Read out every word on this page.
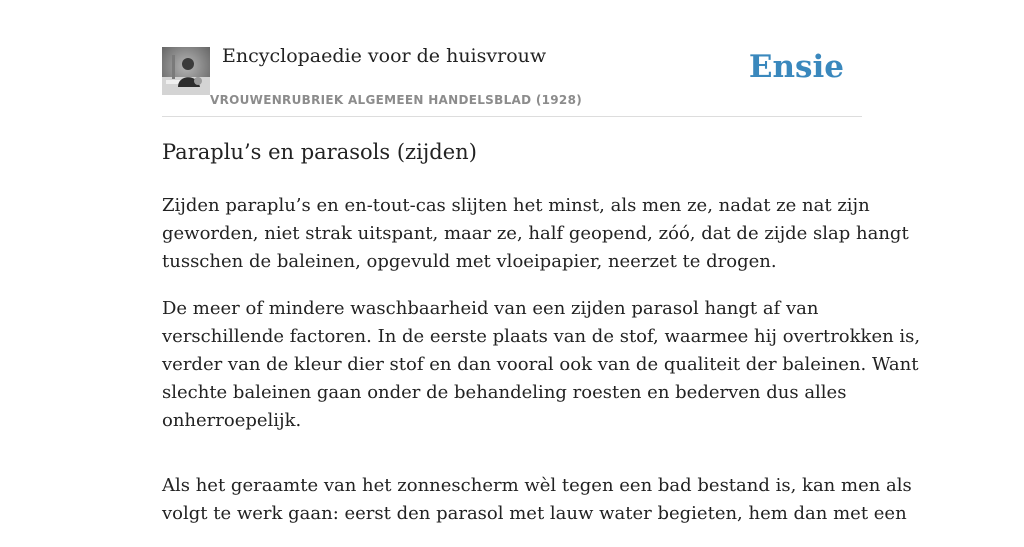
Encyclopaedie voor de huisvrouw
VROUWENRUBRIEK ALGEMEEN HANDELSBLAD (1928)
Ensie
Paraplu’s en parasols (zijden)

Zijden paraplu’s en en-tout-cas slijten het minst, als men ze, nadat ze nat zijn
geworden, niet strak uitspant, maar ze, half geopend, zóó, dat de zijde slap hangt
tusschen de baleinen, opgevuld met vloeipapier, neerzet te drogen.

De meer of mindere waschbaarheid van een zijden parasol hangt af van
verschillende factoren. In de eerste plaats van de stof, waarmee hij overtrokken is,
verder van de kleur dier stof en dan vooral ook van de qualiteit der baleinen. Want
slechte baleinen gaan onder de behandeling roesten en bederven dus alles
onherroepelijk.

Als het geraamte van het zonnescherm wèl tegen een bad bestand is, kan men als
volgt te werk gaan: eerst den parasol met lauw water begieten, hem dan met een
